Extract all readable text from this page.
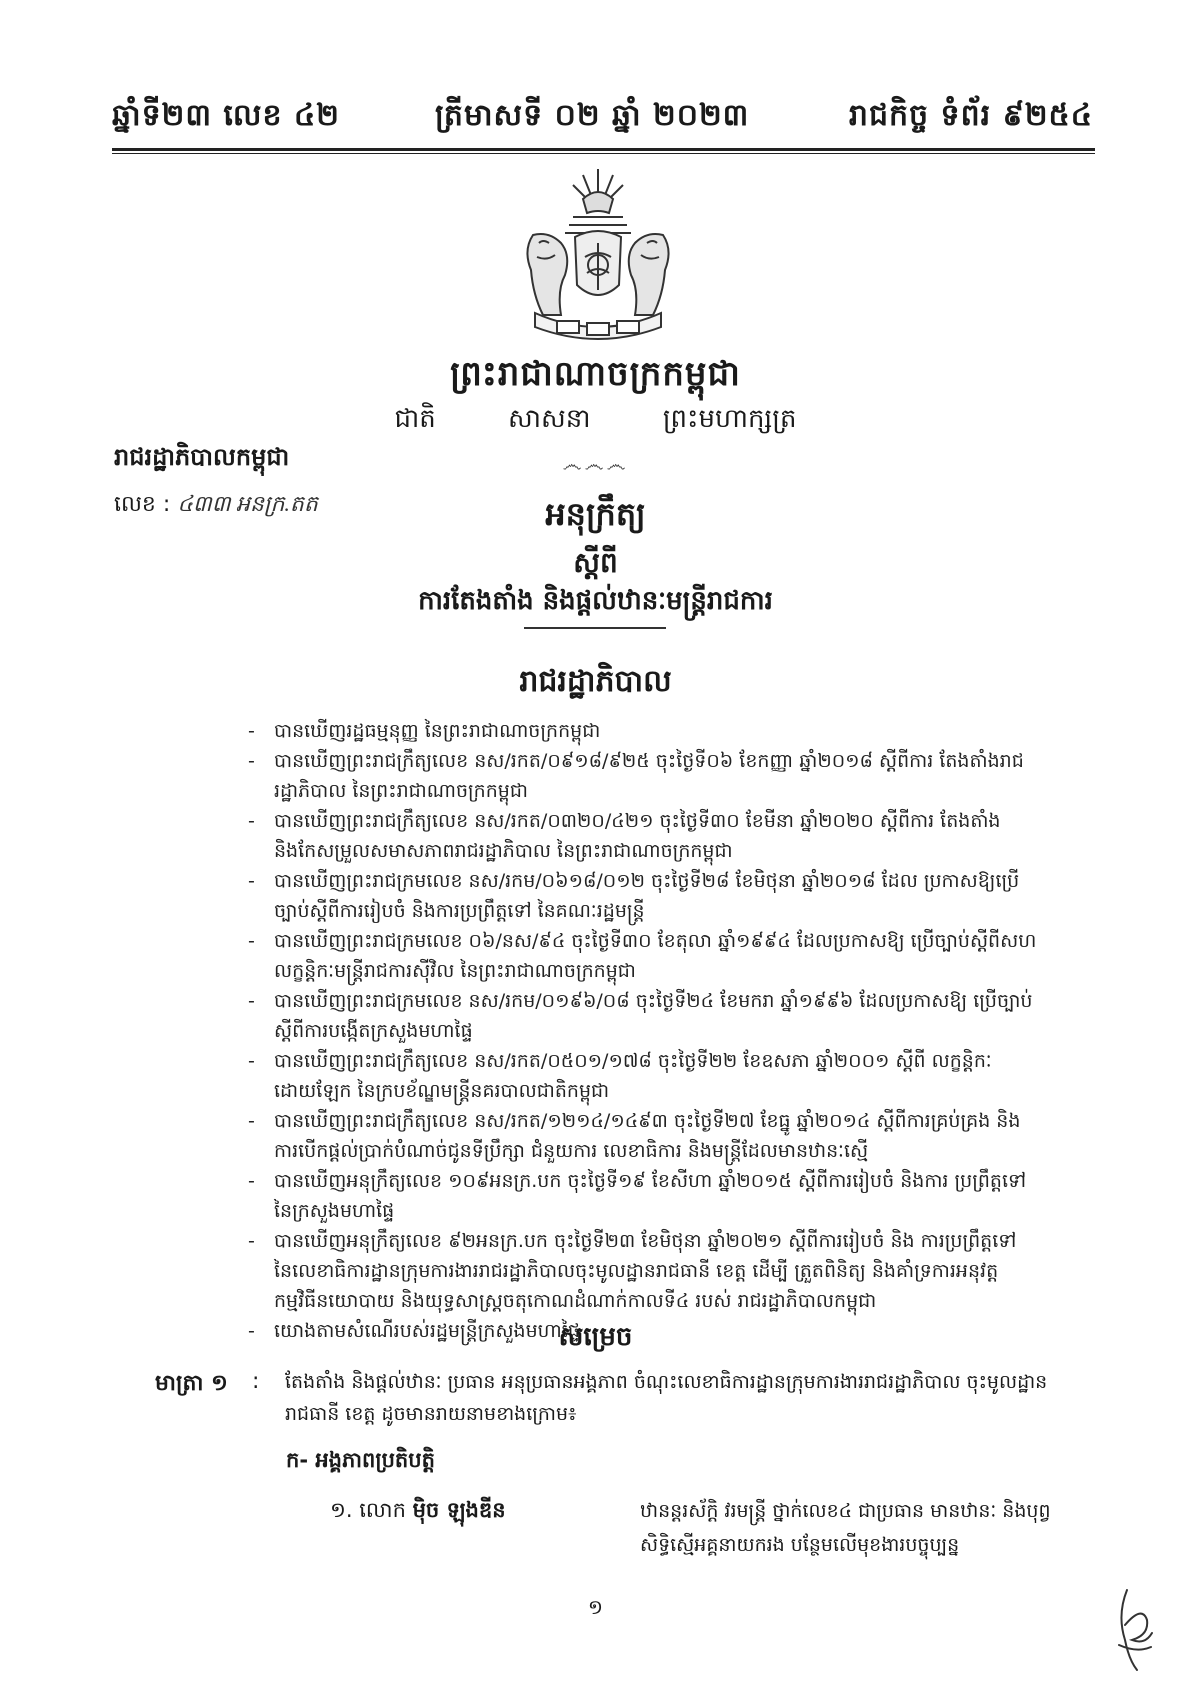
ឆ្នាំទី២៣ លេខ ៤២	ត្រីមាសទី ០២ ឆ្នាំ ២០២៣	រាជកិច្ច ទំព័រ ៩២៥៤
ព្រះរាជាណាចក្រកម្ពុជា
ជាតិ	សាសនា	ព្រះមហាក្សត្រ
෴෴෴
រាជរដ្ឋាភិបាលកម្ពុជា
លេខ : ៤៣៣ អនក្រ.តត	អនុក្រឹត្យ
ស្តីពី
ការតែងតាំង និងផ្តល់ឋានៈមន្ត្រីរាជការ
រាជរដ្ឋាភិបាល
- បានឃើញរដ្ឋធម្មនុញ្ញ នៃព្រះរាជាណាចក្រកម្ពុជា
- បានឃើញព្រះរាជក្រឹត្យលេខ នស/រកត/០៩១៨/៩២៥ ចុះថ្ងៃទី០៦ ខែកញ្ញា ឆ្នាំ២០១៨ ស្តីពីការ តែងតាំងរាជរដ្ឋាភិបាល នៃព្រះរាជាណាចក្រកម្ពុជា
- បានឃើញព្រះរាជក្រឹត្យលេខ នស/រកត/០៣២០/៤២១ ចុះថ្ងៃទី៣០ ខែមីនា ឆ្នាំ២០២០ ស្តីពីការ តែងតាំង និងកែសម្រួលសមាសភាពរាជរដ្ឋាភិបាល នៃព្រះរាជាណាចក្រកម្ពុជា
- បានឃើញព្រះរាជក្រមលេខ នស/រកម/០៦១៨/០១២ ចុះថ្ងៃទី២៨ ខែមិថុនា ឆ្នាំ២០១៨ ដែល ប្រកាសឱ្យប្រើច្បាប់ស្តីពីការរៀបចំ និងការប្រព្រឹត្តទៅ នៃគណៈរដ្ឋមន្ត្រី
- បានឃើញព្រះរាជក្រមលេខ ០៦/នស/៩៤ ចុះថ្ងៃទី៣០ ខែតុលា ឆ្នាំ១៩៩៤ ដែលប្រកាសឱ្យ ប្រើច្បាប់ស្តីពីសហលក្ខន្តិកៈមន្ត្រីរាជការស៊ីវិល នៃព្រះរាជាណាចក្រកម្ពុជា
- បានឃើញព្រះរាជក្រមលេខ នស/រកម/០១៩៦/០៨ ចុះថ្ងៃទី២៤ ខែមករា ឆ្នាំ១៩៩៦ ដែលប្រកាសឱ្យ ប្រើច្បាប់ស្តីពីការបង្កើតក្រសួងមហាផ្ទៃ
- បានឃើញព្រះរាជក្រឹត្យលេខ នស/រកត/០៥០១/១៧៨ ចុះថ្ងៃទី២២ ខែឧសភា ឆ្នាំ២០០១ ស្តីពី លក្ខន្តិកៈដោយឡែក នៃក្របខ័ណ្ឌមន្ត្រីនគរបាលជាតិកម្ពុជា
- បានឃើញព្រះរាជក្រឹត្យលេខ នស/រកត/១២១៤/១៤៩៣ ចុះថ្ងៃទី២៧ ខែធ្នូ ឆ្នាំ២០១៤ ស្តីពីការគ្រប់គ្រង និងការបើកផ្តល់ប្រាក់បំណាច់ជូនទីប្រឹក្សា ជំនួយការ លេខាធិការ និងមន្ត្រីដែលមានឋានៈស្មើ
- បានឃើញអនុក្រឹត្យលេខ ១០៩អនក្រ.បក ចុះថ្ងៃទី១៩ ខែសីហា ឆ្នាំ២០១៥ ស្តីពីការរៀបចំ និងការ ប្រព្រឹត្តទៅ នៃក្រសួងមហាផ្ទៃ
- បានឃើញអនុក្រឹត្យលេខ ៩២អនក្រ.បក ចុះថ្ងៃទី២៣ ខែមិថុនា ឆ្នាំ២០២១ ស្តីពីការរៀបចំ និង ការប្រព្រឹត្តទៅ នៃលេខាធិការដ្ឋានក្រុមការងាររាជរដ្ឋាភិបាលចុះមូលដ្ឋានរាជធានី ខេត្ត ដើម្បី ត្រួតពិនិត្យ និងគាំទ្រការអនុវត្តកម្មវិធីនយោបាយ និងយុទ្ធសាស្ត្រចតុកោណដំណាក់កាលទី៤ របស់ រាជរដ្ឋាភិបាលកម្ពុជា
- យោងតាមសំណើរបស់រដ្ឋមន្ត្រីក្រសួងមហាផ្ទៃ
សម្រេច
មាត្រា ១ : តែងតាំង និងផ្តល់ឋានៈ ប្រធាន អនុប្រធានអង្គភាព ចំណុះលេខាធិការដ្ឋានក្រុមការងាររាជរដ្ឋាភិបាល ចុះមូលដ្ឋានរាជធានី ខេត្ត ដូចមានរាយនាមខាងក្រោម៖
ក- អង្គភាពប្រតិបត្តិ
១. លោក ម៉ិច ឡុងឌីន	ឋានន្តរស័ក្តិ វរមន្ត្រី ថ្នាក់លេខ៤ ជាប្រធាន មានឋានៈ និងបុព្វសិទ្ធិស្មើអគ្គនាយករង បន្ថែមលើមុខងារបច្ចុប្បន្ន
១
